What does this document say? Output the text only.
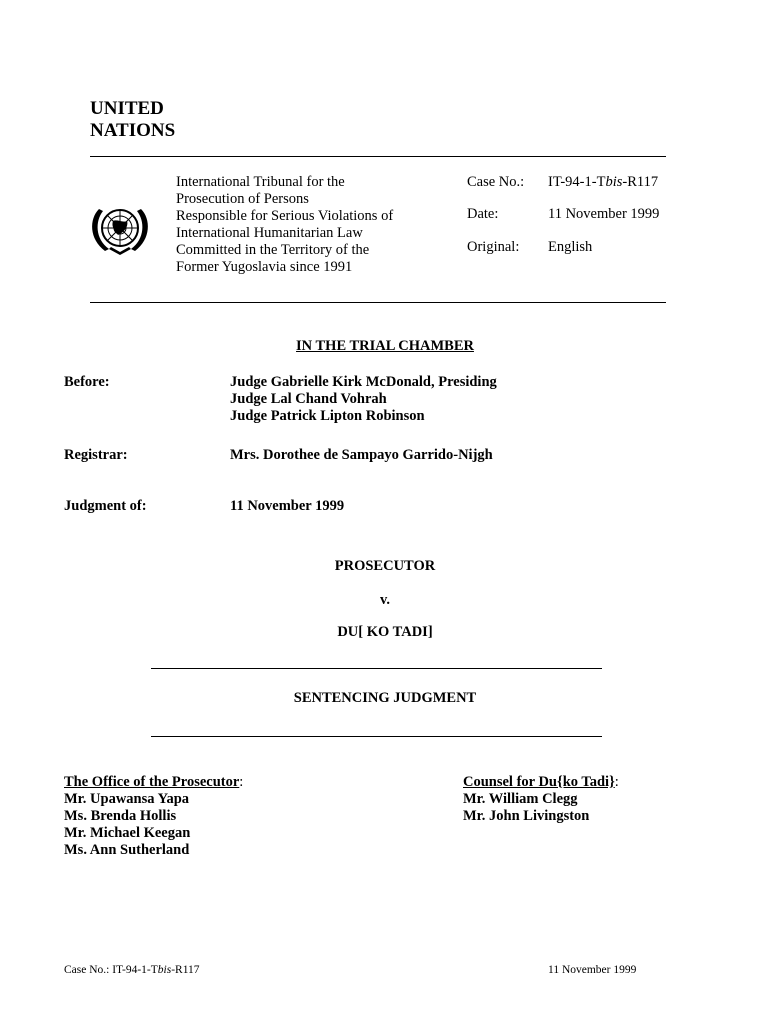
UNITED
NATIONS
International Tribunal for the
Prosecution of Persons
Responsible for Serious Violations of
International Humanitarian Law
Committed in the Territory of the
Former Yugoslavia since 1991
Case No.: IT-94-1-Tbis-R117
Date:	11 November 1999
Original: English
IN THE TRIAL CHAMBER
Before:	Judge Gabrielle Kirk McDonald, Presiding
Judge Lal Chand Vohrah
Judge Patrick Lipton Robinson
Registrar:	Mrs. Dorothee de Sampayo Garrido-Nijgh
Judgment of:	11 November 1999
PROSECUTOR
v.
DU[ KO TADI]
SENTENCING JUDGMENT
The Office of the Prosecutor:
Mr. Upawansa Yapa
Ms. Brenda Hollis
Mr. Michael Keegan
Ms. Ann Sutherland
Counsel for Du{ko Tadi}:
Mr. William Clegg
Mr. John Livingston
Case No.: IT-94-1-Tbis-R117	11 November 1999
